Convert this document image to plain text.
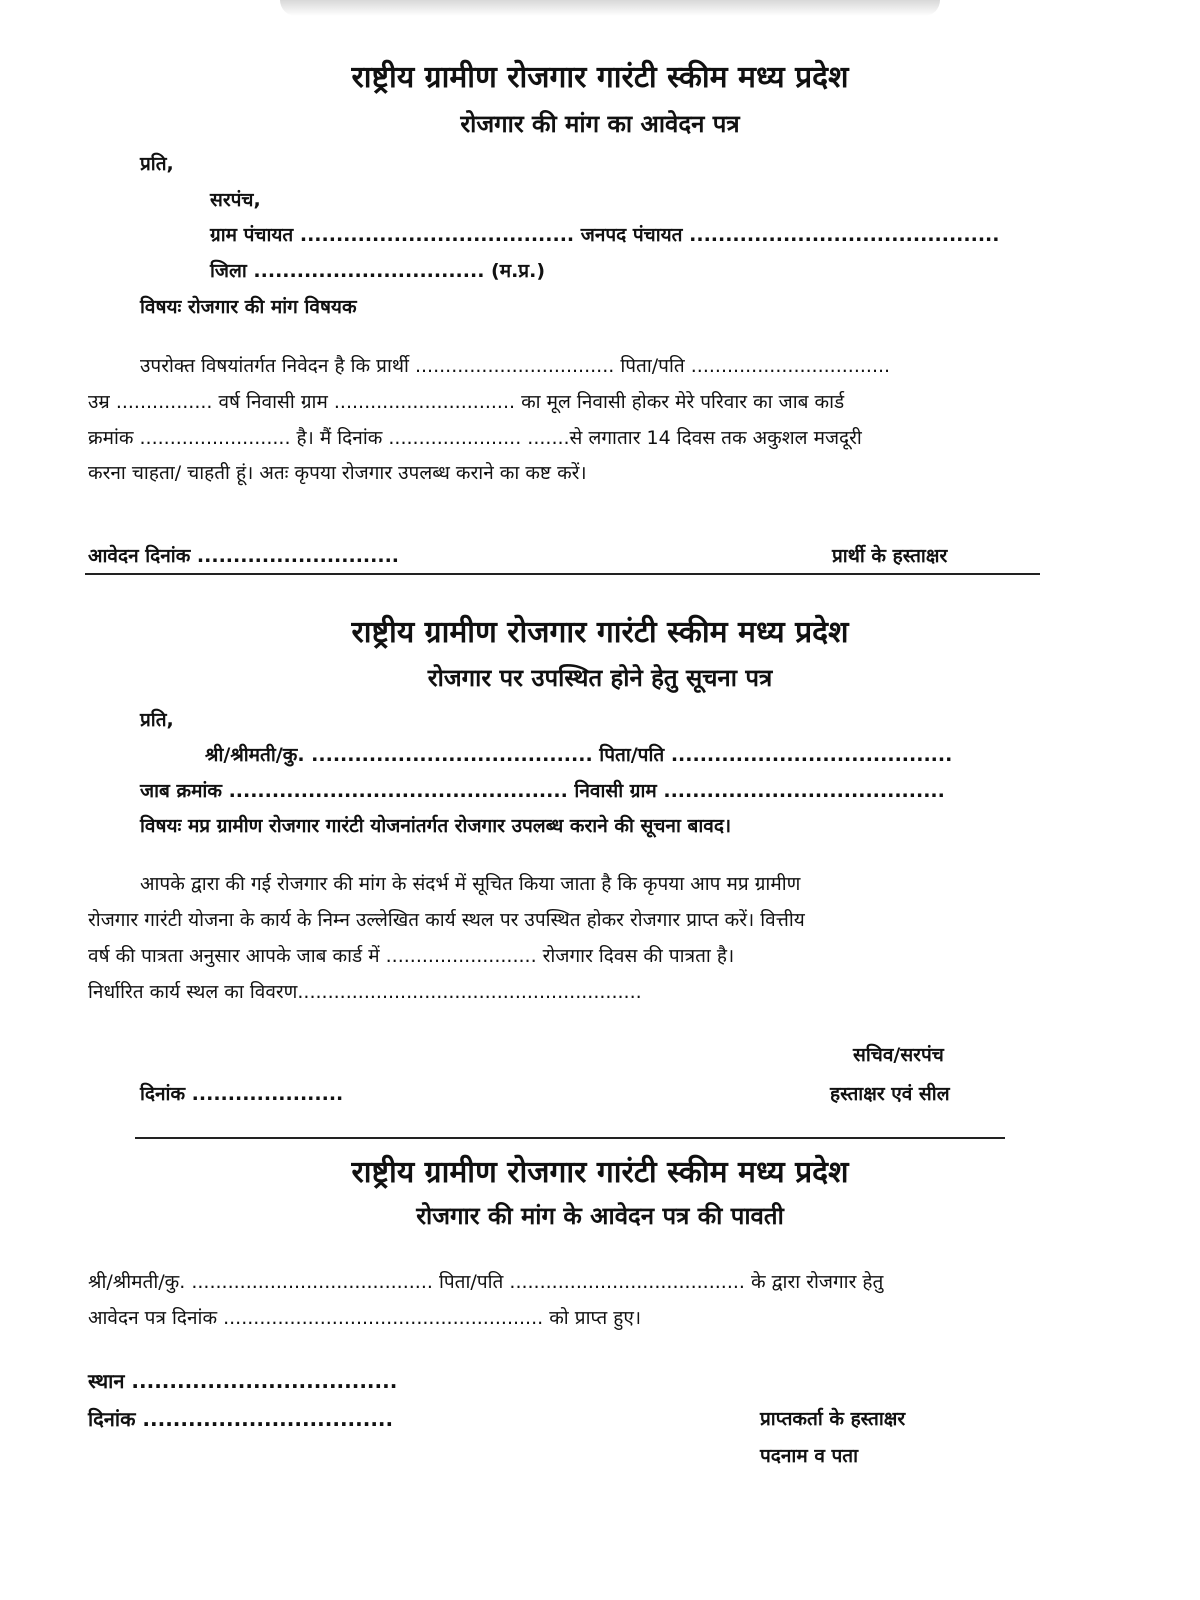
राष्ट्रीय ग्रामीण रोजगार गारंटी स्कीम मध्य प्रदेश
रोजगार की मांग का आवेदन पत्र
प्रति,
सरपंच,
ग्राम पंचायत ...................................... जनपद पंचायत ...........................................
जिला ................................ (म.प्र.)
विषयः रोजगार की मांग विषयक
उपरोक्त विषयांतर्गत निवेदन है कि प्रार्थी ................................. पिता/पति .................................
उम्र ................ वर्ष निवासी ग्राम .............................. का मूल निवासी होकर मेरे परिवार का जाब कार्ड
क्रमांक ......................... है। मैं दिनांक ...................... .......से लगातार 14 दिवस तक अकुशल मजदूरी
करना चाहता/ चाहती हूं। अतः कृपया रोजगार उपलब्ध कराने का कष्ट करें।
आवेदन दिनांक ............................	प्रार्थी के हस्ताक्षर
राष्ट्रीय ग्रामीण रोजगार गारंटी स्कीम मध्य प्रदेश
रोजगार पर उपस्थित होने हेतु सूचना पत्र
प्रति,
श्री/श्रीमती/कु. ....................................... पिता/पति .......................................
जाब क्रमांक ............................................... निवासी ग्राम .......................................
विषयः मप्र ग्रामीण रोजगार गारंटी योजनांतर्गत रोजगार उपलब्ध कराने की सूचना बावद।
आपके द्वारा की गई रोजगार की मांग के संदर्भ में सूचित किया जाता है कि कृपया आप मप्र ग्रामीण
रोजगार गारंटी योजना के कार्य के निम्न उल्लेखित कार्य स्थल पर उपस्थित होकर रोजगार प्राप्त करें। वित्तीय
वर्ष की पात्रता अनुसार आपके जाब कार्ड में ......................... रोजगार दिवस की पात्रता है।
निर्धारित कार्य स्थल का विवरण.........................................................
सचिव/सरपंच
दिनांक .....................	हस्ताक्षर एवं सील
राष्ट्रीय ग्रामीण रोजगार गारंटी स्कीम मध्य प्रदेश
रोजगार की मांग के आवेदन पत्र की पावती
श्री/श्रीमती/कु. ........................................ पिता/पति ....................................... के द्वारा रोजगार हेतु
आवेदन पत्र दिनांक ..................................................... को प्राप्त हुए।
स्थान ...................................
दिनांक .................................	प्राप्तकर्ता के हस्ताक्षर
पदनाम व पता
